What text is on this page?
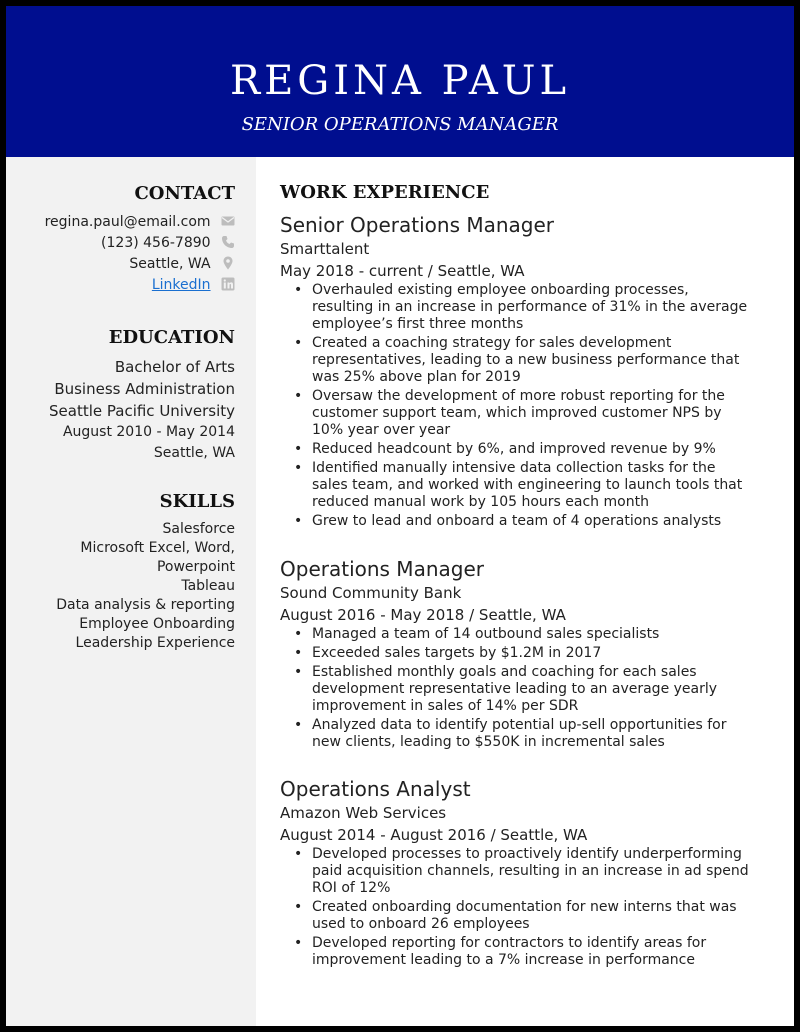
REGINA PAUL
SENIOR OPERATIONS MANAGER
CONTACT
regina.paul@email.com
(123) 456-7890
Seattle, WA
LinkedIn
EDUCATION
Bachelor of Arts
Business Administration
Seattle Pacific University
August 2010 - May 2014
Seattle, WA
SKILLS
Salesforce
Microsoft Excel, Word,
Powerpoint
Tableau
Data analysis & reporting
Employee Onboarding
Leadership Experience
WORK EXPERIENCE
Senior Operations Manager
Smarttalent
May 2018 - current / Seattle, WA
• Overhauled existing employee onboarding processes, resulting in an increase in performance of 31% in the average employee’s first three months
• Created a coaching strategy for sales development representatives, leading to a new business performance that was 25% above plan for 2019
• Oversaw the development of more robust reporting for the customer support team, which improved customer NPS by 10% year over year
• Reduced headcount by 6%, and improved revenue by 9%
• Identified manually intensive data collection tasks for the sales team, and worked with engineering to launch tools that reduced manual work by 105 hours each month
• Grew to lead and onboard a team of 4 operations analysts
Operations Manager
Sound Community Bank
August 2016 - May 2018 / Seattle, WA
• Managed a team of 14 outbound sales specialists
• Exceeded sales targets by $1.2M in 2017
• Established monthly goals and coaching for each sales development representative leading to an average yearly improvement in sales of 14% per SDR
• Analyzed data to identify potential up-sell opportunities for new clients, leading to $550K in incremental sales
Operations Analyst
Amazon Web Services
August 2014 - August 2016 / Seattle, WA
• Developed processes to proactively identify underperforming paid acquisition channels, resulting in an increase in ad spend ROI of 12%
• Created onboarding documentation for new interns that was used to onboard 26 employees
• Developed reporting for contractors to identify areas for improvement leading to a 7% increase in performance
